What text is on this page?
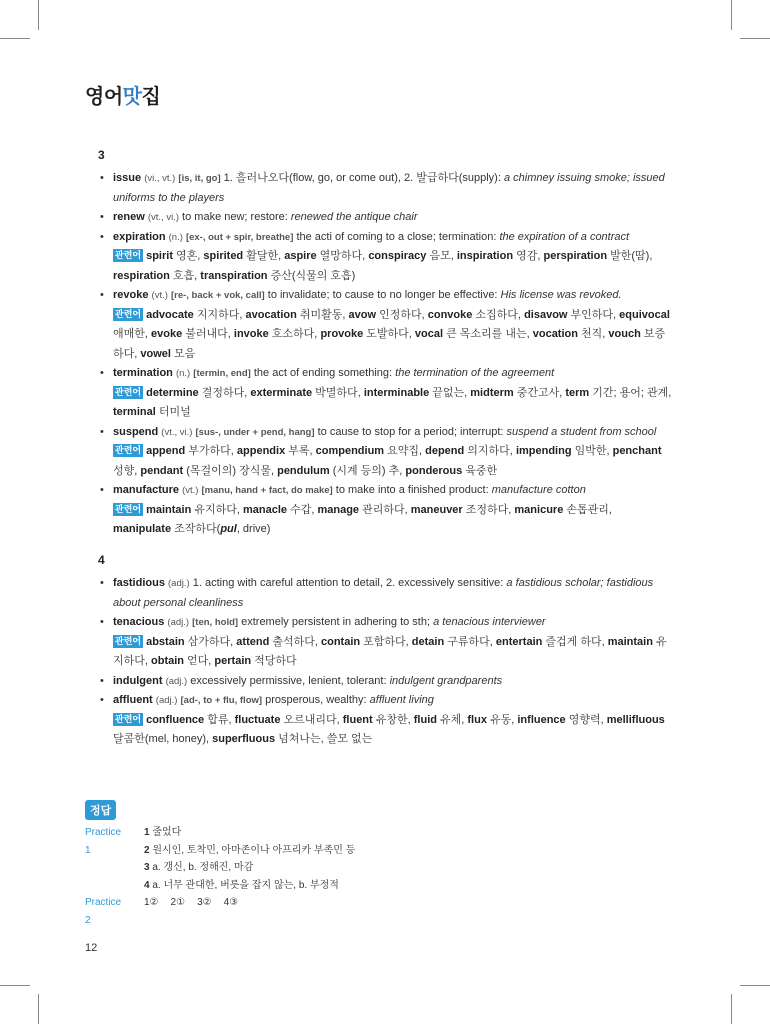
영어맛집
3
• issue (vi., vt.) [is, it, go] 1. 흘러나오다(flow, go, or come out), 2. 발급하다(supply): a chimney issuing smoke; issued uniforms to the players
• renew (vt., vi.) to make new; restore: renewed the antique chair
• expiration (n.) [ex-, out + spir, breathe] the acti of coming to a close; termination: the expiration of a contract
관련어 spirit 영혼, spirited 활달한, aspire 열망하다, conspiracy 음모, inspiration 영감, perspiration 발한(땀), respiration 호흡, transpiration 증산(식물의 호흡)
• revoke (vt.) [re-, back + vok, call] to invalidate; to cause to no longer be effective: His license was revoked.
관련어 advocate 지지하다, avocation 취미활동, avow 인정하다, convoke 소집하다, disavow 부인하다, equivocal 애매한, evoke 불러내다, invoke 호소하다, provoke 도발하다, vocal 큰 목소리를 내는, vocation 천직, vouch 보증하다, vowel 모음
• termination (n.) [termin, end] the act of ending something: the termination of the agreement
관련어 determine 결정하다, exterminate 박멸하다, interminable 끝없는, midterm 중간고사, term 기간; 용어; 관계, terminal 터미널
• suspend (vt., vi.) [sus-, under + pend, hang] to cause to stop for a period; interrupt: suspend a student from school
관련어 append 부가하다, appendix 부록, compendium 요약집, depend 의지하다, impending 임박한, penchant 성향, pendant (목걸이의) 장식물, pendulum (시계 등의) 추, ponderous 육중한
• manufacture (vt.) [manu, hand + fact, do make] to make into a finished product: manufacture cotton
관련어 maintain 유지하다, manacle 수갑, manage 관리하다, maneuver 조정하다, manicure 손톱관리, manipulate 조작하다(pul, drive)
4
• fastidious (adj.) 1. acting with careful attention to detail, 2. excessively sensitive: a fastidious scholar; fastidious about personal cleanliness
• tenacious (adj.) [ten, hold] extremely persistent in adhering to sth; a tenacious interviewer
관련어 abstain 삼가하다, attend 출석하다, contain 포함하다, detain 구류하다, entertain 즐겁게 하다, maintain 유지하다, obtain 얻다, pertain 적당하다
• indulgent (adj.) excessively permissive, lenient, tolerant: indulgent grandparents
• affluent (adj.) [ad-, to + flu, flow] prosperous, wealthy: affluent living
관련어 confluence 합류, fluctuate 오르내리다, fluent 유창한, fluid 유체, flux 유동, influence 영향력, mellifluous 달콤한(mel, honey), superfluous 넘쳐나는, 쓸모 없는
정답
Practice 1
1 줄었다
2 원시인, 토착민, 아마존이나 아프리카 부족민 등
3 a. 갱신, b. 정해진, 마감
4 a. 너무 관대한, 버릇을 잡지 않는, b. 부정적
Practice 2
1② 2① 3② 4③
12
